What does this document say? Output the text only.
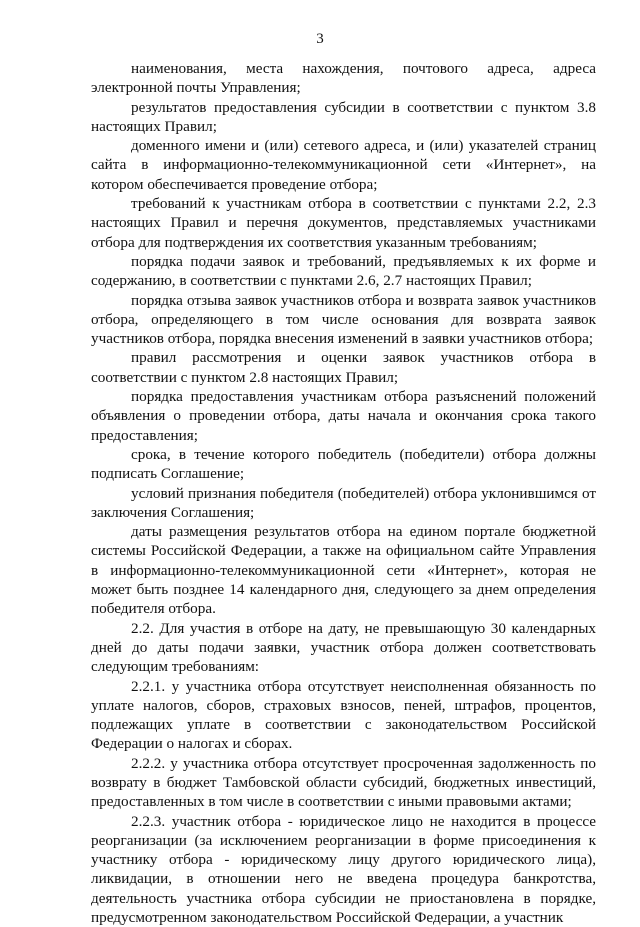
3

наименования, места нахождения, почтового адреса, адреса электронной почты Управления;

результатов предоставления субсидии в соответствии с пунктом 3.8 настоящих Правил;

доменного имени и (или) сетевого адреса, и (или) указателей страниц сайта в информационно-телекоммуникационной сети «Интернет», на котором обеспечивается проведение отбора;

требований к участникам отбора в соответствии с пунктами 2.2, 2.3 настоящих Правил и перечня документов, представляемых участниками отбора для подтверждения их соответствия указанным требованиям;

порядка подачи заявок и требований, предъявляемых к их форме и содержанию, в соответствии с пунктами 2.6, 2.7 настоящих Правил;

порядка отзыва заявок участников отбора и возврата заявок участников отбора, определяющего в том числе основания для возврата заявок участников отбора, порядка внесения изменений в заявки участников отбора;

правил рассмотрения и оценки заявок участников отбора в соответствии с пунктом 2.8 настоящих Правил;

порядка предоставления участникам отбора разъяснений положений объявления о проведении отбора, даты начала и окончания срока такого предоставления;

срока, в течение которого победитель (победители) отбора должны подписать Соглашение;

условий признания победителя (победителей) отбора уклонившимся от заключения Соглашения;

даты размещения результатов отбора на едином портале бюджетной системы Российской Федерации, а также на официальном сайте Управления в информационно-телекоммуникационной сети «Интернет», которая не может быть позднее 14 календарного дня, следующего за днем определения победителя отбора.

2.2. Для участия в отборе на дату, не превышающую 30 календарных дней до даты подачи заявки, участник отбора должен соответствовать следующим требованиям:

2.2.1. у участника отбора отсутствует неисполненная обязанность по уплате налогов, сборов, страховых взносов, пеней, штрафов, процентов, подлежащих уплате в соответствии с законодательством Российской Федерации о налогах и сборах.

2.2.2. у участника отбора отсутствует просроченная задолженность по возврату в бюджет Тамбовской области субсидий, бюджетных инвестиций, предоставленных в том числе в соответствии с иными правовыми актами;

2.2.3. участник отбора - юридическое лицо не находится в процессе реорганизации (за исключением реорганизации в форме присоединения к участнику отбора - юридическому лицу другого юридического лица), ликвидации, в отношении него не введена процедура банкротства, деятельность участника отбора субсидии не приостановлена в порядке, предусмотренном законодательством Российской Федерации, а участник
